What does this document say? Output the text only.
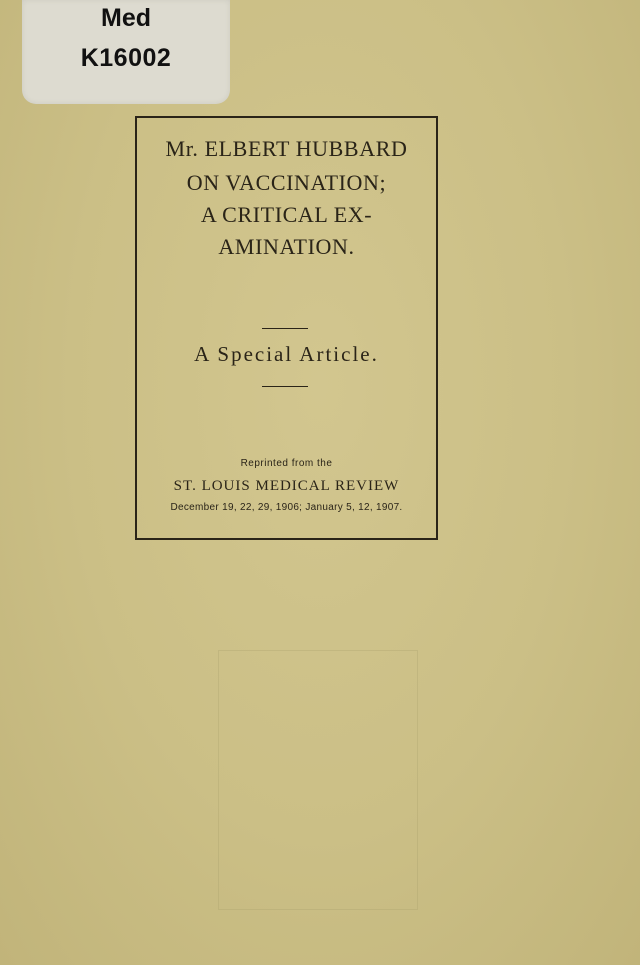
Med
K16002
Mr. ELBERT HUBBARD
ON VACCINATION;
A CRITICAL EX-
AMINATION.
A Special Article.
Reprinted from the
ST. LOUIS MEDICAL REVIEW
December 19, 22, 29, 1906; January 5, 12, 1907.
